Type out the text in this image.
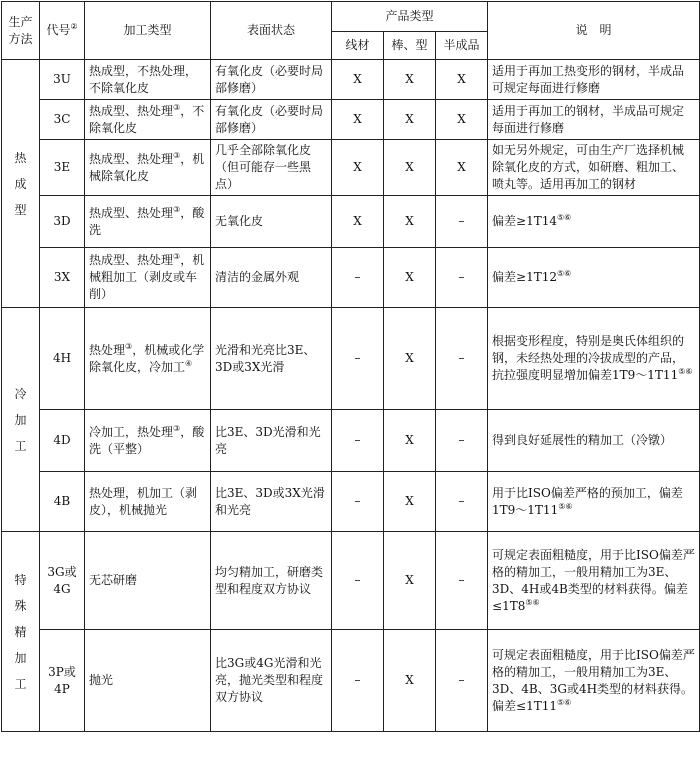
生产方法	代号②	加工类型	表面状态	产品类型			说　明
				线材	棒、型	半成品	

热
成
型	3U	热成型，不热处理，不除氧化皮	有氧化皮（必要时局部修磨）	X	X	X	适用于再加工热变形的钢材，半成品可规定每面进行修磨
	3C	热成型、热处理③，不除氧化皮	有氧化皮（必要时局部修磨）	X	X	X	适用于再加工的钢材，半成品可规定每面进行修磨
	3E	热成型、热处理③，机械除氧化皮	几乎全部除氧化皮（但可能存一些黑点）	X	X	X	如无另外规定，可由生产厂选择机械除氧化皮的方式，如研磨、粗加工、喷丸等。适用再加工的钢材
	3D	热成型、热处理③，酸洗	无氧化皮	X	X	–	偏差≥1T14⑤⑥
	3X	热成型、热处理③，机械粗加工（剥皮或车削）	清洁的金属外观	–	X	–	偏差≥1T12⑤⑥

冷
加
工	4H	热处理③，机械或化学除氧化皮，冷加工④	光滑和光亮比3E、3D或3X光滑	–	X	–	根据变形程度，特别是奥氏体组织的钢，未经热处理的冷拔成型的产品，抗拉强度明显增加偏差1T9～1T11⑤⑥
	4D	冷加工，热处理③，酸洗（平整）	比3E、3D光滑和光亮	–	X	–	得到良好延展性的精加工（冷镦）
	4B	热处理，机加工（剥皮），机械抛光	比3E、3D或3X光滑和光亮	–	X	–	用于比ISO偏差严格的预加工，偏差1T9～1T11⑤⑥

特
殊
精
加
工	3G或4G	无芯研磨	均匀精加工，研磨类型和程度双方协议	–	X	–	可规定表面粗糙度，用于比ISO偏差严格的精加工，一般用精加工为3E、3D、4H或4B类型的材料获得。偏差≤1T8⑤⑥
	3P或4P	抛光	比3G或4G光滑和光亮，抛光类型和程度双方协议	–	X	–	可规定表面粗糙度，用于比ISO偏差严格的精加工，一般用精加工为3E、3D、4B、3G或4H类型的材料获得。偏差≤1T11⑤⑥
